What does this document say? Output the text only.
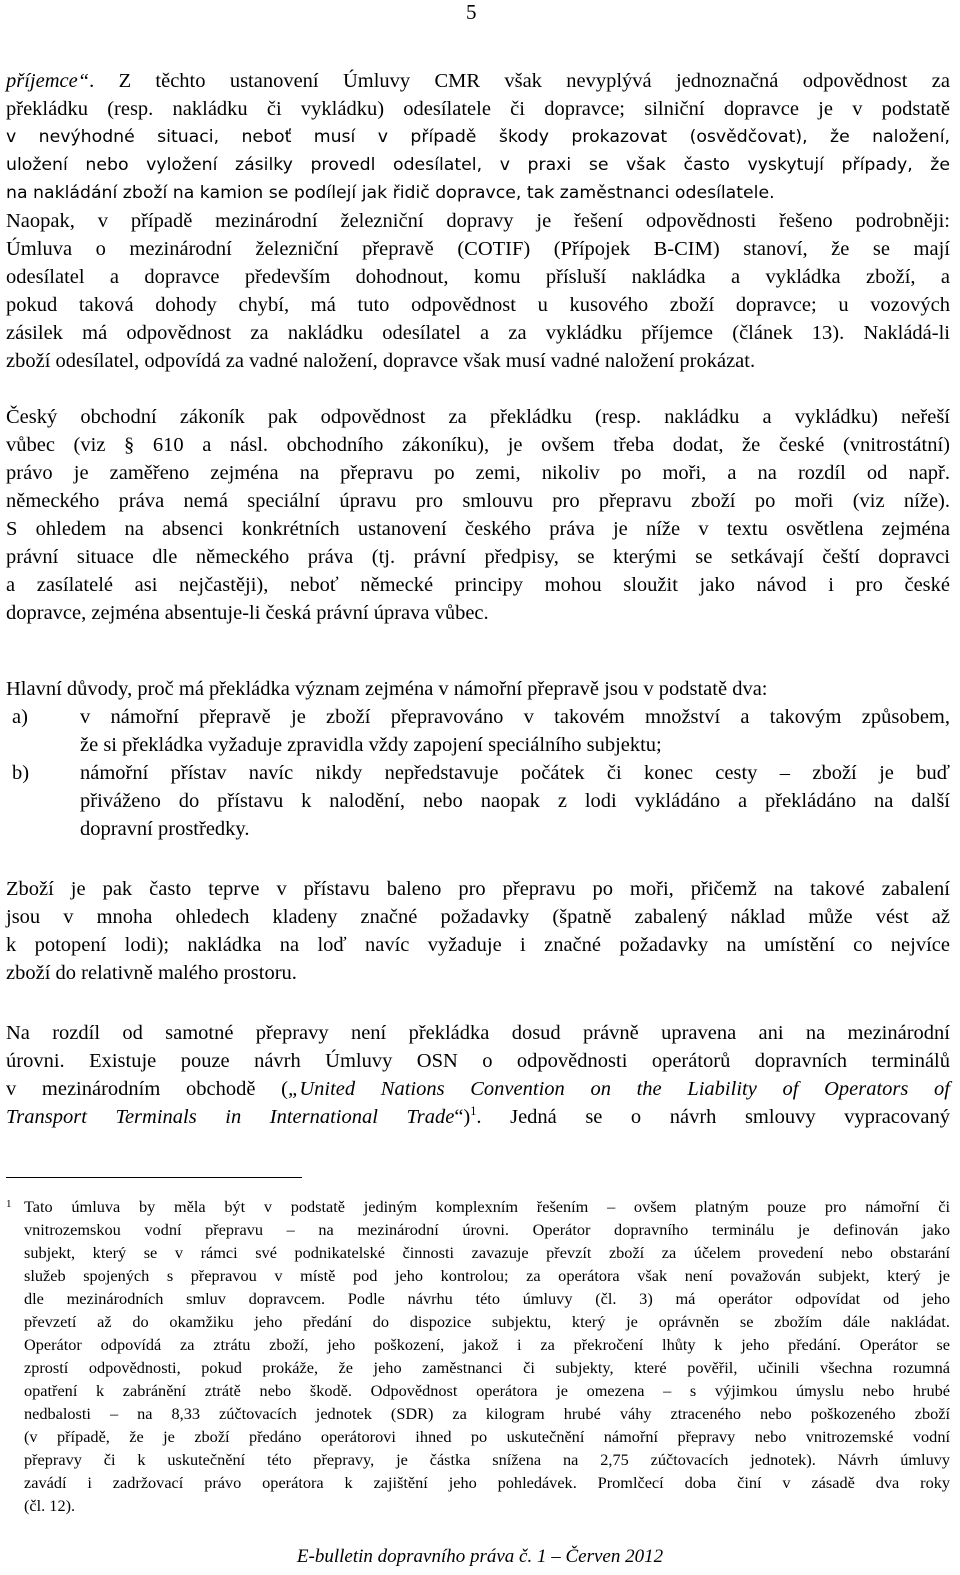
5
příjemce“. Z těchto ustanovení Úmluvy CMR však nevyplývá jednoznačná odpovědnost za
překládku (resp. nakládku či vykládku) odesílatele či dopravce; silniční dopravce je v podstatě
v nevýhodné situaci, neboť musí v případě škody prokazovat (osvědčovat), že naložení,
uložení nebo vyložení zásilky provedl odesílatel, v praxi se však často vyskytují případy, že
na nakládání zboží na kamion se podílejí jak řidič dopravce, tak zaměstnanci odesílatele.
Naopak, v případě mezinárodní železniční dopravy je řešení odpovědnosti řešeno podrobněji:
Úmluva o mezinárodní železniční přepravě (COTIF) (Přípojek B-CIM) stanoví, že se mají
odesílatel a dopravce především dohodnout, komu přísluší nakládka a vykládka zboží, a
pokud taková dohody chybí, má tuto odpovědnost u kusového zboží dopravce; u vozových
zásilek má odpovědnost za nakládku odesílatel a za vykládku příjemce (článek 13). Nakládá-li
zboží odesílatel, odpovídá za vadné naložení, dopravce však musí vadné naložení prokázat.
Český obchodní zákoník pak odpovědnost za překládku (resp. nakládku a vykládku) neřeší
vůbec (viz § 610 a násl. obchodního zákoníku), je ovšem třeba dodat, že české (vnitrostátní)
právo je zaměřeno zejména na přepravu po zemi, nikoliv po moři, a na rozdíl od např.
německého práva nemá speciální úpravu pro smlouvu pro přepravu zboží po moři (viz níže).
S ohledem na absenci konkrétních ustanovení českého práva je níže v textu osvětlena zejména
právní situace dle německého práva (tj. právní předpisy, se kterými se setkávají čeští dopravci
a zasílatelé asi nejčastěji), neboť německé principy mohou sloužit jako návod i pro české
dopravce, zejména absentuje-li česká právní úprava vůbec.
Hlavní důvody, proč má překládka význam zejména v námořní přepravě jsou v podstatě dva:
a)	v námořní přepravě je zboží přepravováno v takovém množství a takovým způsobem,
že si překládka vyžaduje zpravidla vždy zapojení speciálního subjektu;
b) námořní přístav navíc nikdy nepředstavuje počátek či konec cesty – zboží je buď
přiváženo do přístavu k nalodění, nebo naopak z lodi vykládáno a překládáno na další
dopravní prostředky.
Zboží je pak často teprve v přístavu baleno pro přepravu po moři, přičemž na takové zabalení
jsou v mnoha ohledech kladeny značné požadavky (špatně zabalený náklad může vést až
k potopení lodi); nakládka na loď navíc vyžaduje i značné požadavky na umístění co nejvíce
zboží do relativně malého prostoru.
Na rozdíl od samotné přepravy není překládka dosud právně upravena ani na mezinárodní
úrovni. Existuje pouze návrh Úmluvy OSN o odpovědnosti operátorů dopravních terminálů
v mezinárodním obchodě („United Nations Convention on the Liability of Operators of
Transport Terminals in International Trade“)$^1$. Jedná se o návrh smlouvy vypracovaný
1 Tato úmluva by měla být v podstatě jediným komplexním řešením – ovšem platným pouze pro námořní či
vnitrozemskou vodní přepravu – na mezinárodní úrovni. Operátor dopravního terminálu je definován jako
subjekt, který se v rámci své podnikatelské činnosti zavazuje převzít zboží za účelem provedení nebo obstarání
služeb spojených s přepravou v místě pod jeho kontrolou; za operátora však není považován subjekt, který je
dle mezinárodních smluv dopravcem. Podle návrhu této úmluvy (čl. 3) má operátor odpovídat od jeho
převzetí až do okamžiku jeho předání do dispozice subjektu, který je oprávněn se zbožím dále nakládat.
Operátor odpovídá za ztrátu zboží, jeho poškození, jakož i za překročení lhůty k jeho předání. Operátor se
zprostí odpovědnosti, pokud prokáže, že jeho zaměstnanci či subjekty, které pověřil, učinili všechna rozumná
opatření k zabránění ztrátě nebo škodě. Odpovědnost operátora je omezena – s výjimkou úmyslu nebo hrubé
nedbalosti – na 8,33 zúčtovacích jednotek (SDR) za kilogram hrubé váhy ztraceného nebo poškozeného zboží
(v případě, že je zboží předáno operátorovi ihned po uskutečnění námořní přepravy nebo vnitrozemské vodní
přepravy či k uskutečnění této přepravy, je částka snížena na 2,75 zúčtovacích jednotek). Návrh úmluvy
zavádí i zadržovací právo operátora k zajištění jeho pohledávek. Promlčecí doba činí v zásadě dva roky
(čl. 12).
E-bulletin dopravního práva č. 1 – Červen 2012
